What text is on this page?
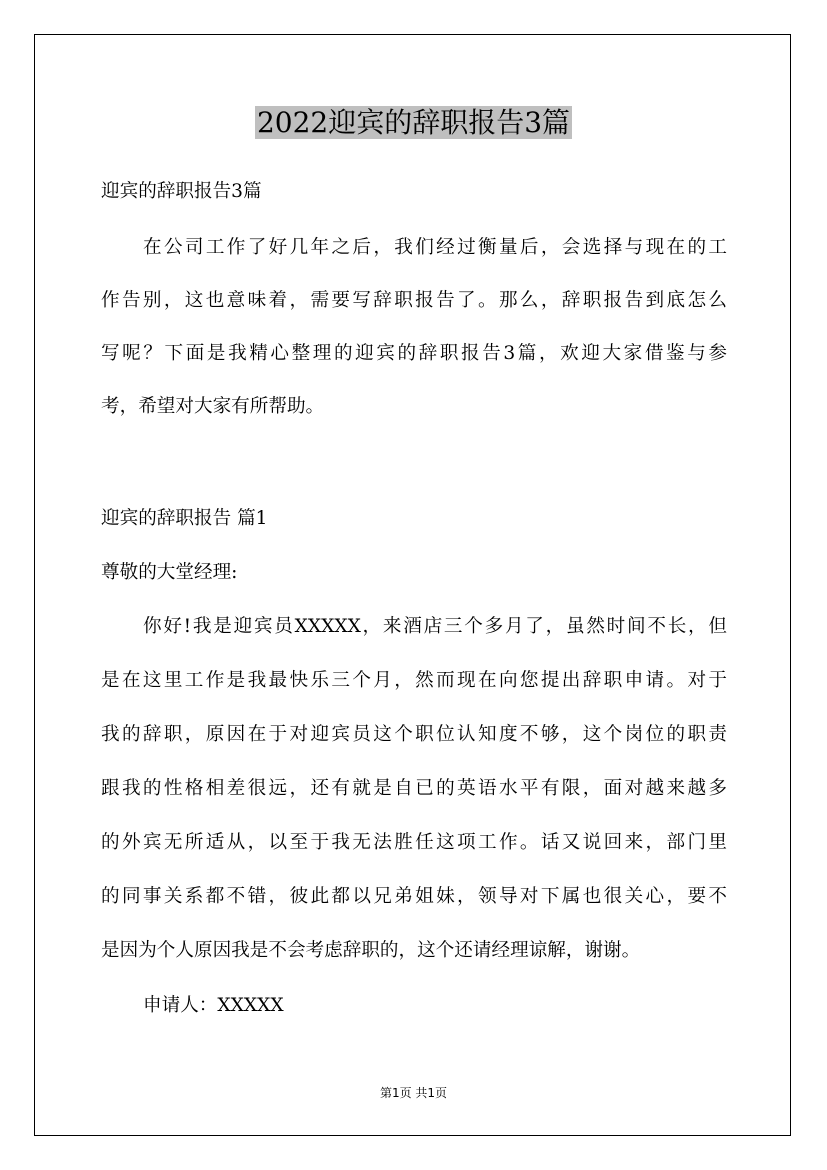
2022迎宾的辞职报告3篇
迎宾的辞职报告3篇
在公司工作了好几年之后，我们经过衡量后，会选择与现在的工
作告别，这也意味着，需要写辞职报告了。那么，辞职报告到底怎么
写呢？下面是我精心整理的迎宾的辞职报告3篇，欢迎大家借鉴与参
考，希望对大家有所帮助。
迎宾的辞职报告 篇1
尊敬的大堂经理:
你好!我是迎宾员XXXXX，来酒店三个多月了，虽然时间不长，但
是在这里工作是我最快乐三个月，然而现在向您提出辞职申请。对于
我的辞职，原因在于对迎宾员这个职位认知度不够，这个岗位的职责
跟我的性格相差很远，还有就是自已的英语水平有限，面对越来越多
的外宾无所适从，以至于我无法胜任这项工作。话又说回来，部门里
的同事关系都不错，彼此都以兄弟姐妹，领导对下属也很关心，要不
是因为个人原因我是不会考虑辞职的，这个还请经理谅解，谢谢。
申请人：XXXXX
第1页 共1页
